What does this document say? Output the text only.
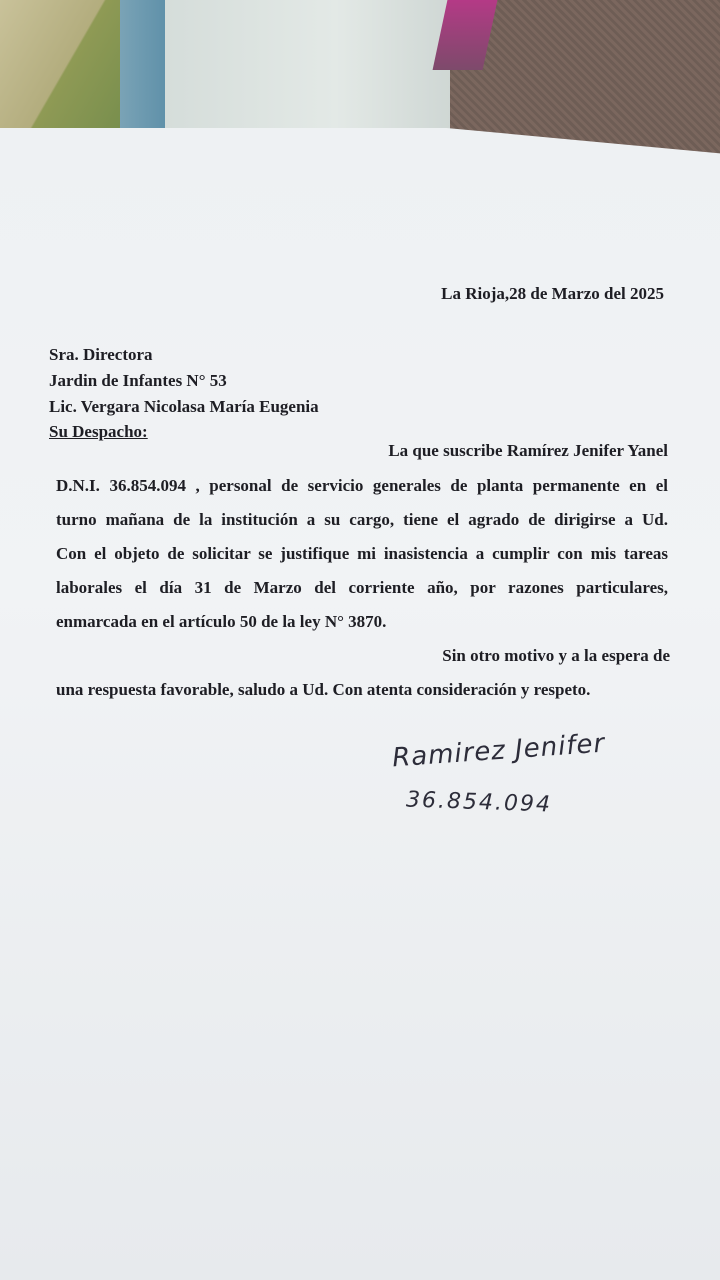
La Rioja,28 de Marzo del 2025
Sra. Directora
Jardin de Infantes N° 53
Lic. Vergara Nicolasa María Eugenia
Su Despacho:
La que suscribe Ramírez Jenifer Yanel
D.N.I. 36.854.094 , personal de servicio generales de planta permanente en el
turno mañana de la institución a su cargo, tiene el agrado de dirigirse a Ud.
Con el objeto de solicitar se justifique mi inasistencia a cumplir con mis tareas
laborales el día 31 de Marzo del corriente año, por razones particulares,
enmarcada en el artículo 50 de la ley N° 3870.
Sin otro motivo y a la espera de
una respuesta favorable, saludo a Ud. Con atenta consideración y respeto.
Ramirez Jenifer
36.854.094
